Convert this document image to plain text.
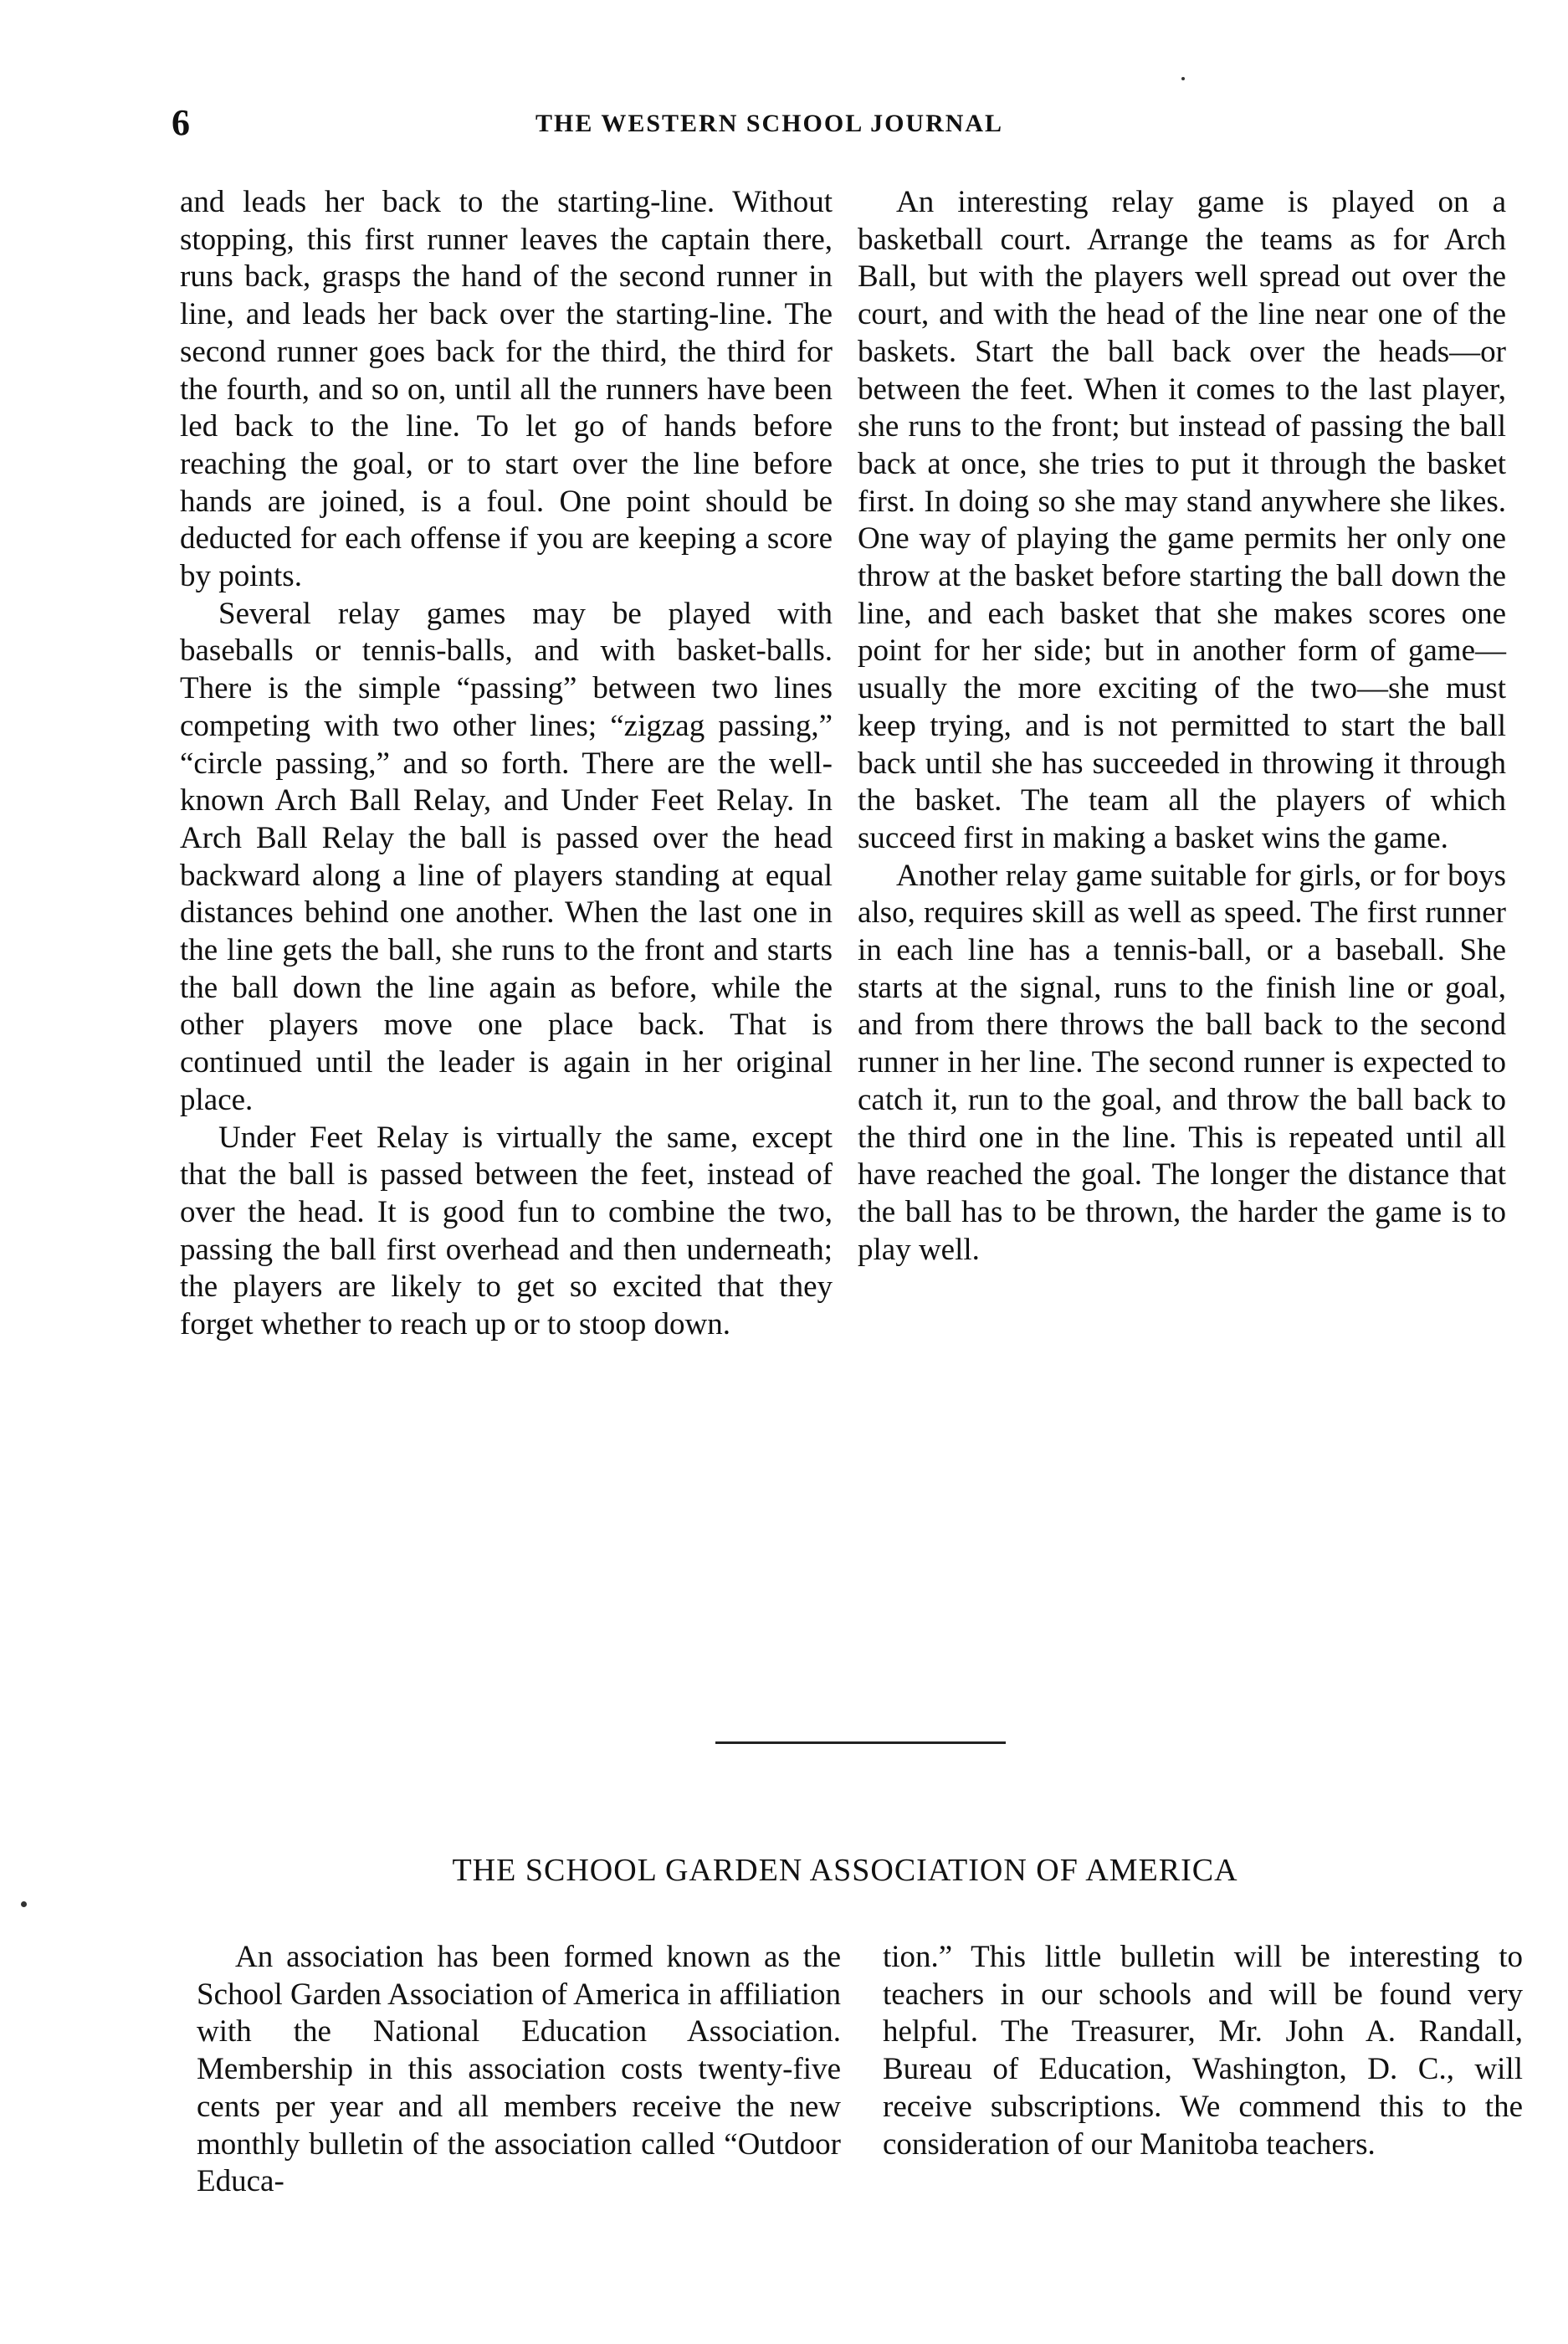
6	THE WESTERN SCHOOL JOURNAL

and leads her back to the starting-line. Without stopping, this first runner leaves the captain there, runs back, grasps the hand of the second runner in line, and leads her back over the starting-line. The second runner goes back for the third, the third for the fourth, and so on, until all the runners have been led back to the line. To let go of hands before reaching the goal, or to start over the line before hands are joined, is a foul. One point should be deducted for each offense if you are keeping a score by points.

Several relay games may be played with baseballs or tennis-balls, and with basket-balls. There is the simple “passing” between two lines competing with two other lines; “zigzag passing,” “circle passing,” and so forth. There are the well-known Arch Ball Relay, and Under Feet Relay. In Arch Ball Relay the ball is passed over the head backward along a line of players standing at equal distances behind one another. When the last one in the line gets the ball, she runs to the front and starts the ball down the line again as before, while the other players move one place back. That is continued until the leader is again in her original place.

Under Feet Relay is virtually the same, except that the ball is passed between the feet, instead of over the head. It is good fun to combine the two, passing the ball first overhead and then underneath; the players are likely to get so excited that they forget whether to reach up or to stoop down.

An interesting relay game is played on a basketball court. Arrange the teams as for Arch Ball, but with the players well spread out over the court, and with the head of the line near one of the baskets. Start the ball back over the heads—or between the feet. When it comes to the last player, she runs to the front; but instead of passing the ball back at once, she tries to put it through the basket first. In doing so she may stand anywhere she likes. One way of playing the game permits her only one throw at the basket before starting the ball down the line, and each basket that she makes scores one point for her side; but in another form of game—usually the more exciting of the two—she must keep trying, and is not permitted to start the ball back until she has succeeded in throwing it through the basket. The team all the players of which succeed first in making a basket wins the game.

Another relay game suitable for girls, or for boys also, requires skill as well as speed. The first runner in each line has a tennis-ball, or a baseball. She starts at the signal, runs to the finish line or goal, and from there throws the ball back to the second runner in her line. The second runner is expected to catch it, run to the goal, and throw the ball back to the third one in the line. This is repeated until all have reached the goal. The longer the distance that the ball has to be thrown, the harder the game is to play well.

THE SCHOOL GARDEN ASSOCIATION OF AMERICA

An association has been formed known as the School Garden Association of America in affiliation with the National Education Association. Membership in this association costs twenty-five cents per year and all members receive the new monthly bulletin of the association called “Outdoor Educa-

tion.” This little bulletin will be interesting to teachers in our schools and will be found very helpful. The Treasurer, Mr. John A. Randall, Bureau of Education, Washington, D. C., will receive subscriptions. We commend this to the consideration of our Manitoba teachers.
